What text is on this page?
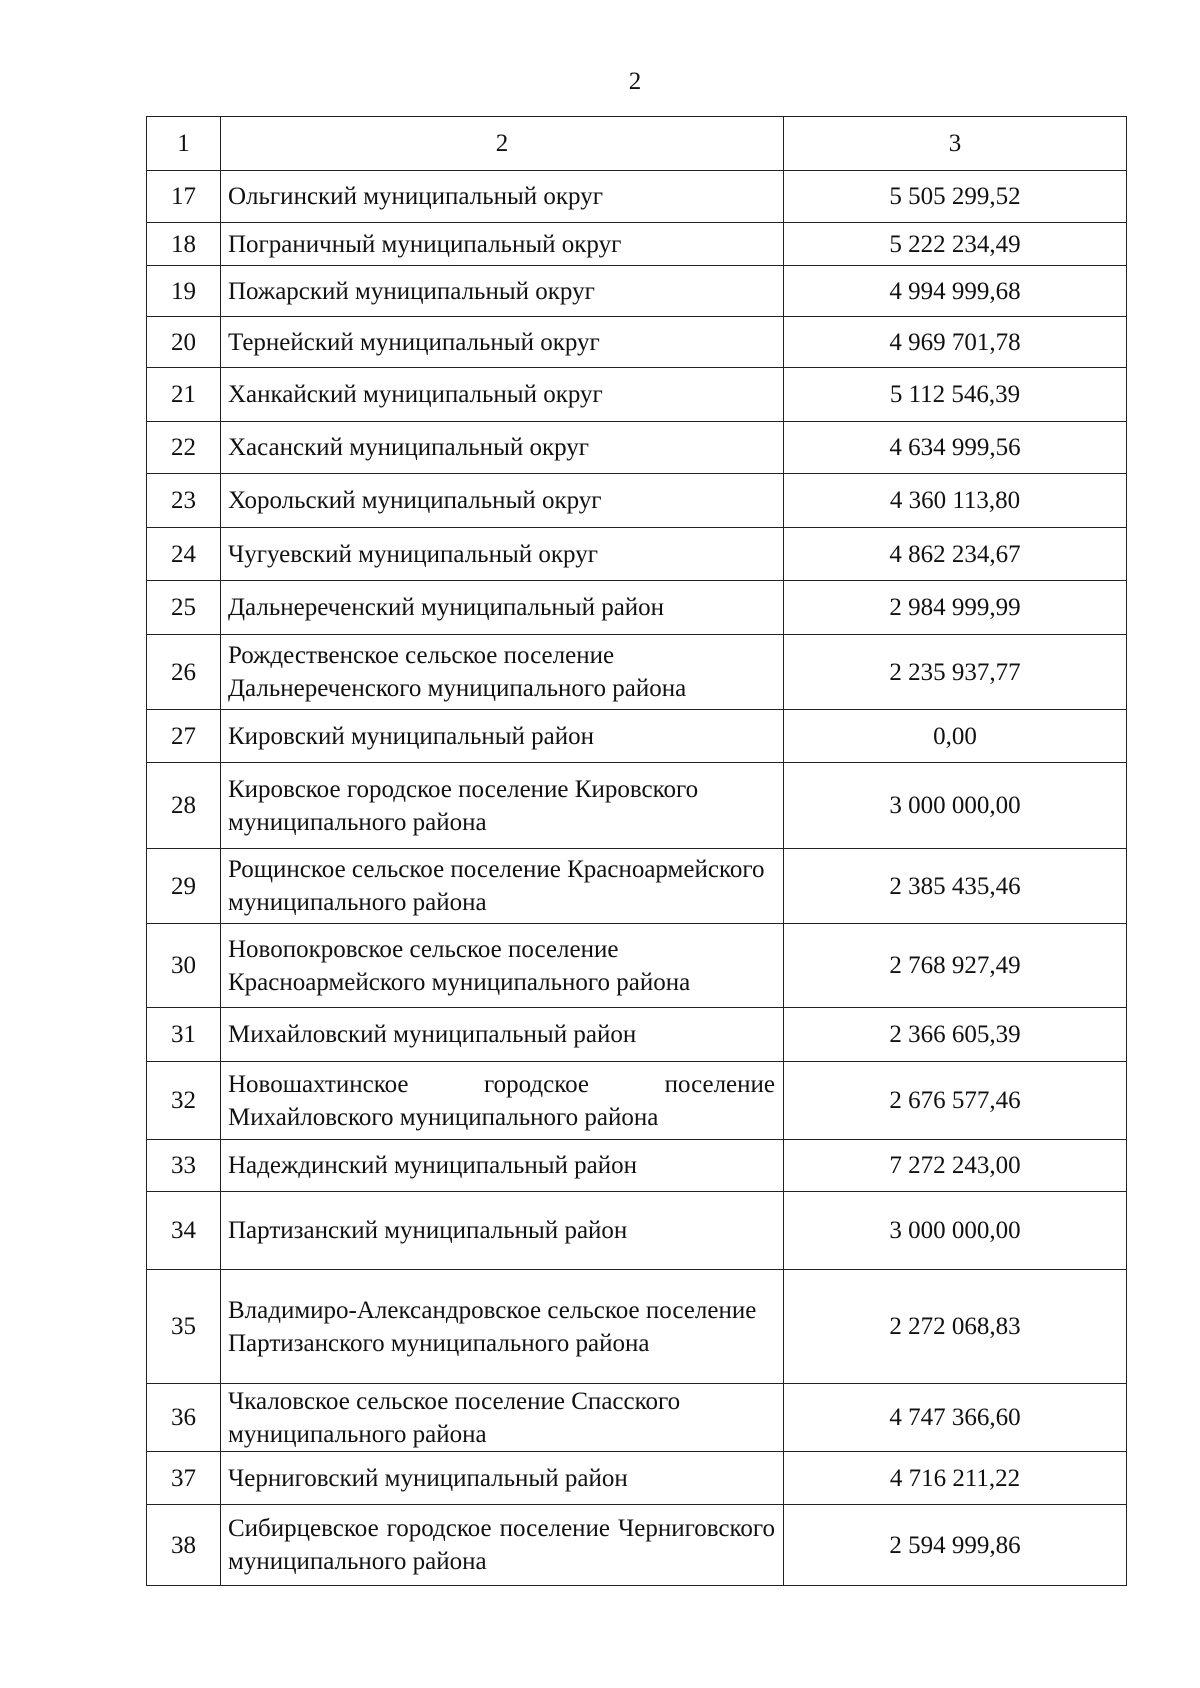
2
1	2	3
17	Ольгинский муниципальный округ	5 505 299,52
18	Пограничный муниципальный округ	5 222 234,49
19	Пожарский муниципальный округ	4 994 999,68
20	Тернейский муниципальный округ	4 969 701,78
21	Ханкайский муниципальный округ	5 112 546,39
22	Хасанский муниципальный округ	4 634 999,56
23	Хорольский муниципальный округ	4 360 113,80
24	Чугуевский муниципальный округ	4 862 234,67
25	Дальнереченский муниципальный район	2 984 999,99
26	Рождественское сельское поселение Дальнереченского муниципального района	2 235 937,77
27	Кировский муниципальный район	0,00
28	Кировское городское поселение Кировского муниципального района	3 000 000,00
29	Рощинское сельское поселение Красноармейского муниципального района	2 385 435,46
30	Новопокровское сельское поселение Красноармейского муниципального района	2 768 927,49
31	Михайловский муниципальный район	2 366 605,39
32	Новошахтинское городское поселение Михайловского муниципального района	2 676 577,46
33	Надеждинский муниципальный район	7 272 243,00
34	Партизанский муниципальный район	3 000 000,00
35	Владимиро-Александровское сельское поселение Партизанского муниципального района	2 272 068,83
36	Чкаловское сельское поселение Спасского муниципального района	4 747 366,60
37	Черниговский муниципальный район	4 716 211,22
38	Сибирцевское городское поселение Черниговского муниципального района	2 594 999,86
